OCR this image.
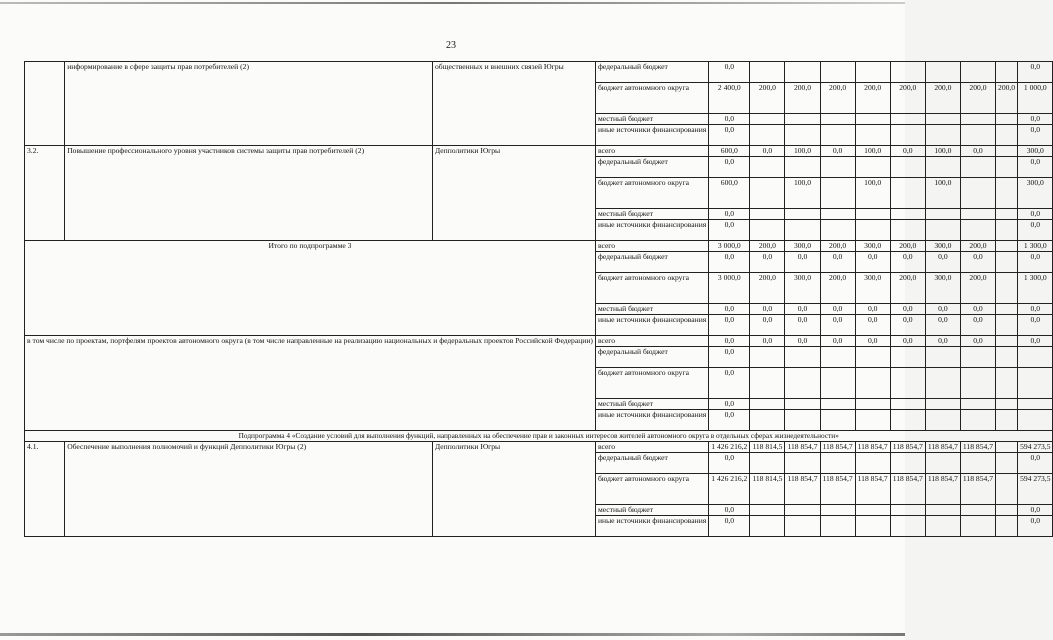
23
	информирование в сфере защиты прав потребителей (2)	общественных и внешних связей Югры	федеральный бюджет	0,0									0,0
			бюджет автономного округа	2 400,0	200,0	200,0	200,0	200,0	200,0	200,0	200,0	200,0	1 000,0
			местный бюджет	0,0									0,0
			иные источники финансирования	0,0									0,0
3.2.	Повышение профессионального уровня участников системы защиты прав потребителей (2)	Депполитики Югры	всего	600,0	0,0	100,0	0,0	100,0	0,0	100,0	0,0		300,0
			федеральный бюджет	0,0									0,0
			бюджет автономного округа	600,0		100,0		100,0		100,0			300,0
			местный бюджет	0,0									0,0
			иные источники финансирования	0,0									0,0
Итого по подпрограмме 3			всего	3 000,0	200,0	300,0	200,0	300,0	200,0	300,0	200,0		1 300,0
			федеральный бюджет	0,0	0,0	0,0	0,0	0,0	0,0	0,0	0,0		0,0
			бюджет автономного округа	3 000,0	200,0	300,0	200,0	300,0	200,0	300,0	200,0		1 300,0
			местный бюджет	0,0	0,0	0,0	0,0	0,0	0,0	0,0	0,0		0,0
			иные источники финансирования	0,0	0,0	0,0	0,0	0,0	0,0	0,0	0,0		0,0
в том числе по проектам, портфелям проектов автономного округа (в том числе направленные на реализацию национальных и федеральных проектов Российской Федерации)			всего	0,0	0,0	0,0	0,0	0,0	0,0	0,0	0,0		0,0
			федеральный бюджет	0,0									
			бюджет автономного округа	0,0									
			местный бюджет	0,0									
			иные источники финансирования	0,0									
Подпрограмма 4 «Создание условий для выполнения функций, направленных на обеспечение прав и законных интересов жителей автономного округа в отдельных сферах жизнедеятельности»													
4.1.	Обеспечение выполнения полномочий и функций Депполитики Югры (2)	Депполитики Югры	всего	1 426 216,2	118 814,5	118 854,7	118 854,7	118 854,7	118 854,7	118 854,7	118 854,7		594 273,5
			федеральный бюджет	0,0									0,0
			бюджет автономного округа	1 426 216,2	118 814,5	118 854,7	118 854,7	118 854,7	118 854,7	118 854,7	118 854,7		594 273,5
			местный бюджет	0,0									0,0
			иные источники финансирования	0,0									0,0
